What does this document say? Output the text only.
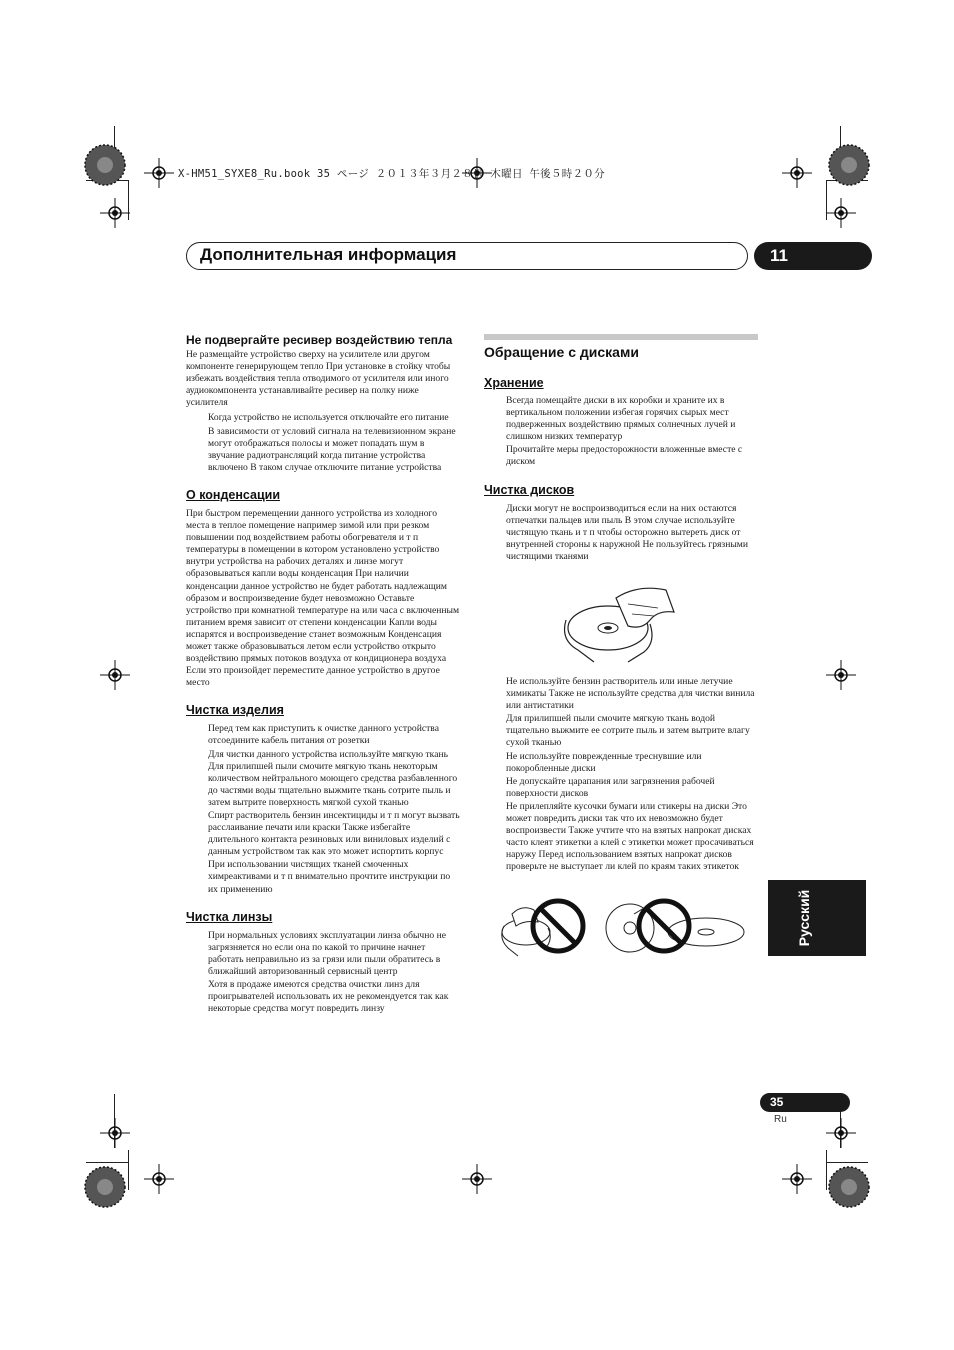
X-HM51_SYXE8_Ru.book 35 ページ ２０１３年３月２８日 木曜日 午後５時２０分
Дополнительная информация	11
Не подвергайте ресивер воздействию тепла
Не размещайте устройство сверху на усилителе или другом компоненте генерирующем тепло При установке в стойку чтобы избежать воздействия тепла отводимого от усилителя или иного аудиокомпонента устанавливайте ресивер на полку ниже усилителя
Когда устройство не используется отключайте его питание
В зависимости от условий сигнала на телевизионном экране могут отображаться полосы и может попадать шум в звучание радиотрансляций когда питание устройства включено В таком случае отключите питание устройства
О конденсации
При быстром перемещении данного устройства из холодного места в теплое помещение например зимой или при резком повышении под воздействием работы обогревателя и т п температуры в помещении в котором установлено устройство внутри устройства на рабочих деталях и линзе могут образовываться капли воды конденсация При наличии конденсации данное устройство не будет работать надлежащим образом и воспроизведение будет невозможно Оставьте устройство при комнатной температуре на или часа с включенным питанием время зависит от степени конденсации Капли воды испарятся и воспроизведение станет возможным Конденсация может также образовываться летом если устройство открыто воздействию прямых потоков воздуха от кондиционера воздуха Если это произойдет переместите данное устройство в другое место
Чистка изделия
Перед тем как приступить к очистке данного устройства отсоедините кабель питания от розетки
Для чистки данного устройства используйте мягкую ткань Для прилипшей пыли смочите мягкую ткань некоторым количеством нейтрального моющего средства разбавленного до частями воды тщательно выжмите ткань сотрите пыль и затем вытрите поверхность мягкой сухой тканью
Спирт растворитель бензин инсектициды и т п могут вызвать расслаивание печати или краски Также избегайте длительного контакта резиновых или виниловых изделий с данным устройством так как это может испортить корпус
При использовании чистящих тканей смоченных химреактивами и т п внимательно прочтите инструкции по их применению
Чистка линзы
При нормальных условиях эксплуатации линза обычно не загрязняется но если она по какой то причине начнет работать неправильно из за грязи или пыли обратитесь в ближайший авторизованный сервисный центр
Хотя в продаже имеются средства очистки линз для проигрывателей использовать их не рекомендуется так как некоторые средства могут повредить линзу
Обращение с дисками
Хранение
Всегда помещайте диски в их коробки и храните их в вертикальном положении избегая горячих сырых мест подверженных воздействию прямых солнечных лучей и слишком низких температур
Прочитайте меры предосторожности вложенные вместе с диском
Чистка дисков
Диски могут не воспроизводиться если на них остаются отпечатки пальцев или пыль В этом случае используйте чистящую ткань и т п чтобы осторожно вытереть диск от внутренней стороны к наружной Не пользуйтесь грязными чистящими тканями
Не используйте бензин растворитель или иные летучие химикаты Также не используйте средства для чистки винила или антистатики
Для прилипшей пыли смочите мягкую ткань водой тщательно выжмите ее сотрите пыль и затем вытрите влагу сухой тканью
Не используйте поврежденные треснувшие или покоробленные диски
Не допускайте царапания или загрязнения рабочей поверхности дисков
Не прилепляйте кусочки бумаги или стикеры на диски Это может повредить диски так что их невозможно будет воспроизвести Также учтите что на взятых напрокат дисках часто клеят этикетки а клей с этикетки может просачиваться наружу Перед использованием взятых напрокат дисков проверьте не выступает ли клей по краям таких этикеток
Русский
35
Ru
